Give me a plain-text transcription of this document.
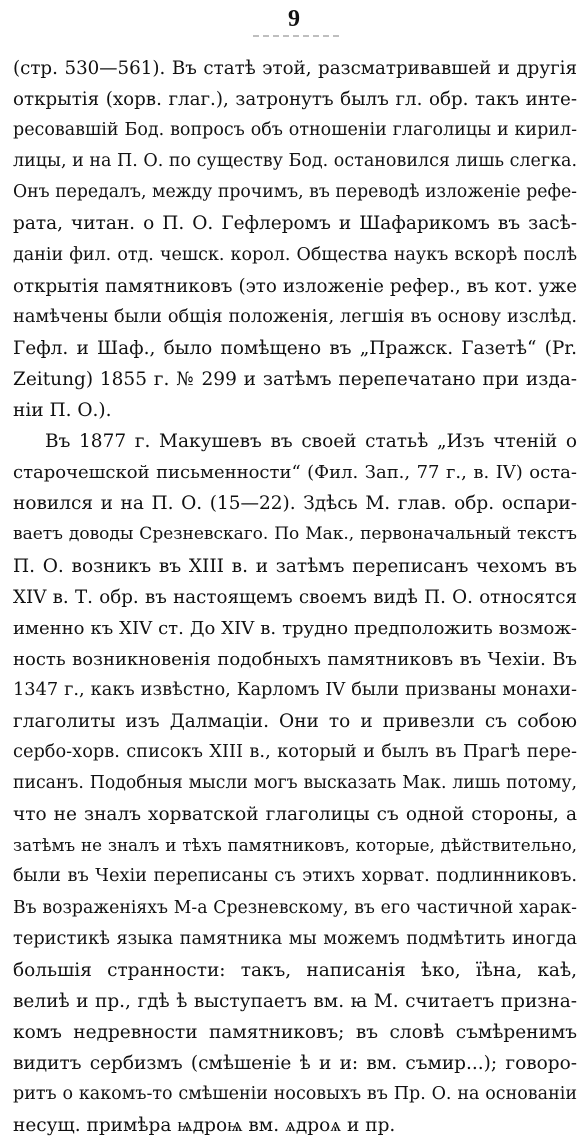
9
(стр. 530—561). Въ статѣ этой, разсматривавшей и другія
открытія (хорв. глаг.), затронутъ былъ гл. обр. такъ инте-
ресовавшій Бод. вопросъ объ отношеніи глаголицы и кирил-
лицы, и на П. О. по существу Бод. остановился лишь слегка.
Онъ передалъ, между прочимъ, въ переводѣ изложеніе рефе-
рата, читан. о П. О. Гефлеромъ и Шафарикомъ въ засѣ-
даніи фил. отд. чешск. корол. Общества наукъ вскорѣ послѣ
открытія памятниковъ (это изложеніе рефер., въ кот. уже
намѣчены были общія положенія, легшія въ основу изслѣд.
Гефл. и Шаф., было помѣщено въ „Пражск. Газетѣ“ (Pr.
Zeitung) 1855 г. № 299 и затѣмъ перепечатано при изда-
ніи П. О.).
Въ 1877 г. Макушевъ въ своей статьѣ „Изъ чтеній о
старочешской письменности“ (Фил. Зап., 77 г., в. IV) оста-
новился и на П. О. (15—22). Здѣсь М. глав. обр. оспари-
ваетъ доводы Срезневскаго. По Мак., первоначальный текстъ
П. О. возникъ въ XIII в. и затѣмъ переписанъ чехомъ въ
XIV в. Т. обр. въ настоящемъ своемъ видѣ П. О. относятся
именно къ XIV ст. До XIV в. трудно предположить возмож-
ность возникновенія подобныхъ памятниковъ въ Чехіи. Въ
1347 г., какъ извѣстно, Карломъ IV были призваны монахи-
глаголиты изъ Далмаціи. Они то и привезли съ собою
сербо-хорв. списокъ XIII в., который и былъ въ Прагѣ пере-
писанъ. Подобныя мысли могъ высказать Мак. лишь потому,
что не зналъ хорватской глаголицы съ одной стороны, а
затѣмъ не зналъ и тѣхъ памятниковъ, которые, дѣйствительно,
были въ Чехіи переписаны съ этихъ хорват. подлинниковъ.
Въ возраженіяхъ М-а Срезневскому, въ его частичной харак-
теристикѣ языка памятника мы можемъ подмѣтить иногда
большія странности: такъ, написанія ѣко, їѣна, каѣ,
велиѣ и пр., гдѣ ѣ выступаетъ вм. ꙗ М. считаетъ призна-
комъ недревности памятниковъ; въ словѣ съмѣренимъ
видитъ сербизмъ (смѣшеніе ѣ и и: вм. съмир...); говоро-
ритъ о какомъ-то смѣшеніи носовыхъ въ Пр. О. на основаніи
несущ. примѣра ѩдроѩ вм. ѧдроѧ и пр.
